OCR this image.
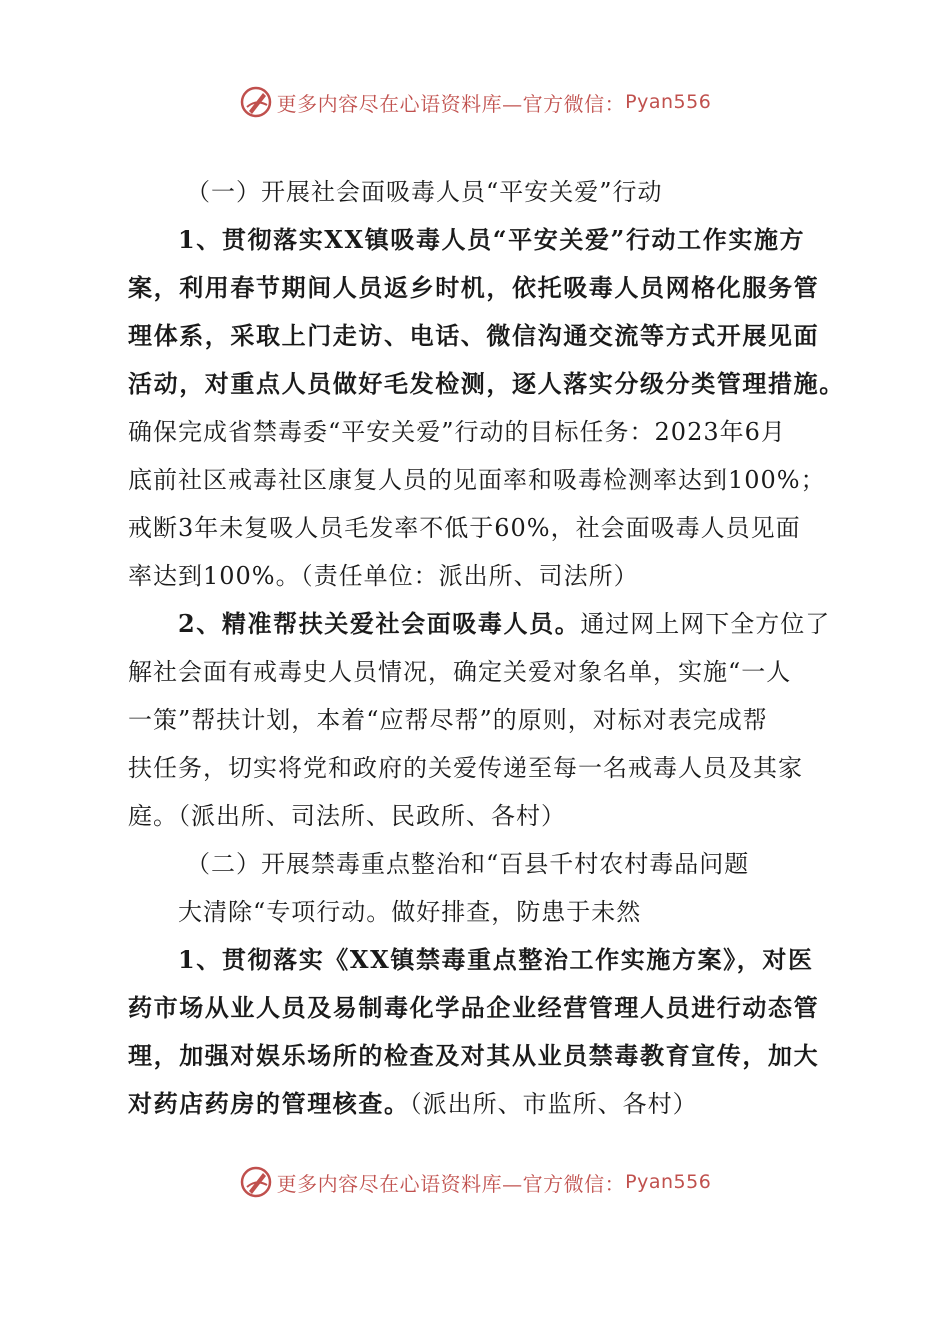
更多内容尽在心语资料库—官方微信： Pyan556

（一）开展社会面吸毒人员“平安关爱”行动

1、贯彻落实XX镇吸毒人员“平安关爱”行动工作实施方

案，利用春节期间人员返乡时机，依托吸毒人员网格化服务管

理体系，采取上门走访、电话、微信沟通交流等方式开展见面

活动，对重点人员做好毛发检测，逐人落实分级分类管理措施。

确保完成省禁毒委“平安关爱”行动的目标任务：2023年6月

底前社区戒毒社区康复人员的见面率和吸毒检测率达到100%；

戒断3年未复吸人员毛发率不低于60%，社会面吸毒人员见面

率达到100%。（责任单位：派出所、司法所）

2、精准帮扶关爱社会面吸毒人员。通过网上网下全方位了

解社会面有戒毒史人员情况，确定关爱对象名单，实施“一人

一策”帮扶计划，本着“应帮尽帮”的原则，对标对表完成帮

扶任务，切实将党和政府的关爱传递至每一名戒毒人员及其家

庭。（派出所、司法所、民政所、各村）

（二）开展禁毒重点整治和“百县千村农村毒品问题

大清除“专项行动。做好排查，防患于未然

1、贯彻落实《XX镇禁毒重点整治工作实施方案》，对医

药市场从业人员及易制毒化学品企业经营管理人员进行动态管

理，加强对娱乐场所的检查及对其从业员禁毒教育宣传，加大

对药店药房的管理核查。（派出所、市监所、各村）

更多内容尽在心语资料库—官方微信： Pyan556
